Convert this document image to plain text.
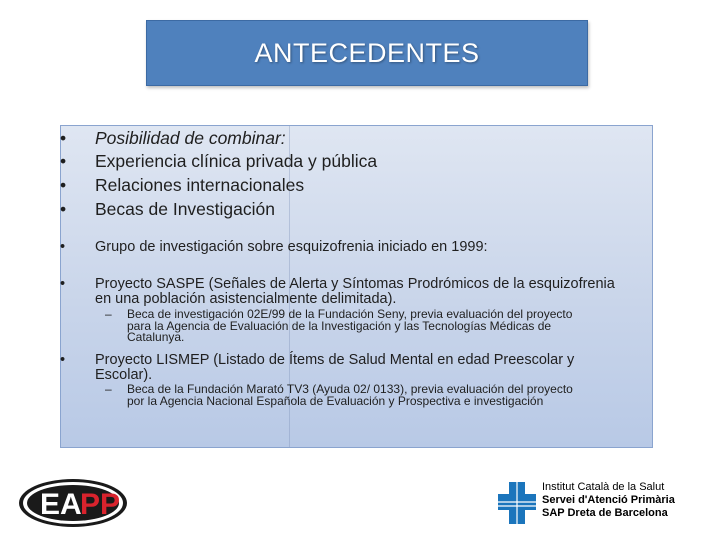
ANTECEDENTES
• Posibilidad de combinar:
• Experiencia clínica privada y pública
• Relaciones internacionales
• Becas de Investigación
• Grupo de investigación sobre esquizofrenia iniciado en 1999:
• Proyecto SASPE (Señales de Alerta y Síntomas Prodrómicos de la esquizofrenia
en una población asistencialmente delimitada).
– Beca de investigación 02E/99 de la Fundación Seny, previa evaluación del proyecto
para la Agencia de Evaluación de la Investigación y las Tecnologías Médicas de
Catalunya.
• Proyecto LISMEP (Listado de Ítems de Salud Mental en edad Preescolar y
Escolar).
– Beca de la Fundación Marató TV3 (Ayuda 02/ 0133), previa evaluación del proyecto
por la Agencia Nacional Española de Evaluación y Prospectiva e investigación
EA
PP
Institut Català de la Salut
Servei d'Atenció Primària
SAP Dreta de Barcelona
